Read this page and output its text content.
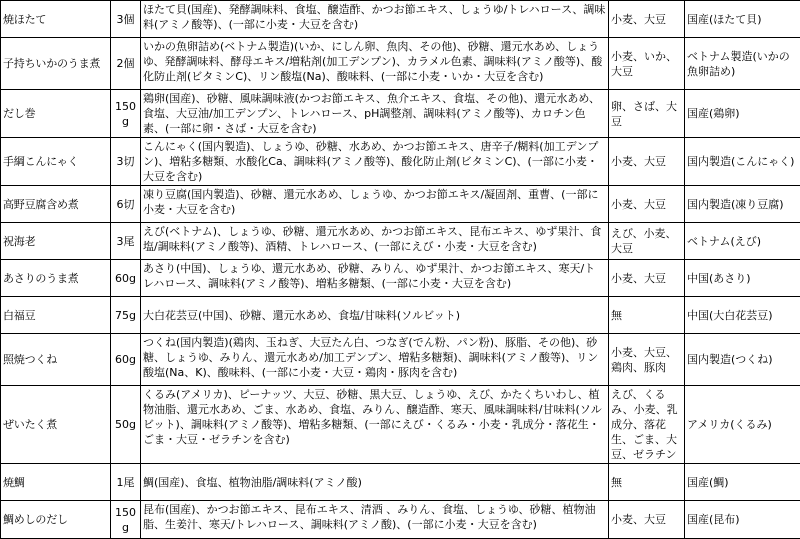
焼ほたて	3個	ほたて貝(国産)、発酵調味料、食塩、醸造酢、かつお節エキス、しょうゆ/トレハロース、調味料(アミノ酸等)、(一部に小麦・大豆を含む)	小麦、大豆	国産(ほたて貝)
子持ちいかのうま煮	2個	いかの魚卵詰め(ベトナム製造)(いか、にしん卵、魚肉、その他)、砂糖、還元水あめ、しょうゆ、発酵調味料、酵母エキス/増粘剤(加工デンプン)、カラメル色素、調味料(アミノ酸等)、酸化防止剤(ビタミンC)、リン酸塩(Na)、酸味料、(一部に小麦・いか・大豆を含む)	小麦、いか、大豆	ベトナム製造(いかの魚卵詰め)
だし巻	150g	鶏卵(国産)、砂糖、風味調味液(かつお節エキス、魚介エキス、食塩、その他)、還元水あめ、食塩、大豆油/加工デンプン、トレハロース、pH調整剤、調味料(アミノ酸等)、カロチン色素、(一部に卵・さば・大豆を含む)	卵、さば、大豆	国産(鶏卵)
手綱こんにゃく	3切	こんにゃく(国内製造)、しょうゆ、砂糖、水あめ、かつお節エキス、唐辛子/糊料(加工デンプン)、増粘多糖類、水酸化Ca、調味料(アミノ酸等)、酸化防止剤(ビタミンC)、(一部に小麦・大豆を含む)	小麦、大豆	国内製造(こんにゃく)
高野豆腐含め煮	6切	凍り豆腐(国内製造)、砂糖、還元水あめ、しょうゆ、かつお節エキス/凝固剤、重曹、(一部に小麦・大豆を含む)	小麦、大豆	国内製造(凍り豆腐)
祝海老	3尾	えび(ベトナム)、しょうゆ、砂糖、還元水あめ、かつお節エキス、昆布エキス、ゆず果汁、食塩/調味料(アミノ酸等)、酒精、トレハロース、(一部にえび・小麦・大豆を含む)	えび、小麦、大豆	ベトナム(えび)
あさりのうま煮	60g	あさり(中国)、しょうゆ、還元水あめ、砂糖、みりん、ゆず果汁、かつお節エキス、寒天/トレハロース、調味料(アミノ酸等)、増粘多糖類、(一部に小麦・大豆を含む)	小麦、大豆	中国(あさり)
白福豆	75g	大白花芸豆(中国)、砂糖、還元水あめ、食塩/甘味料(ソルビット)	無	中国(大白花芸豆)
照焼つくね	60g	つくね(国内製造)(鶏肉、玉ねぎ、大豆たん白、つなぎ(でん粉、パン粉)、豚脂、その他)、砂糖、しょうゆ、みりん、還元水あめ/加工デンプン、増粘多糖類)、調味料(アミノ酸等)、リン酸塩(Na、K)、酸味料、(一部に小麦・大豆・鶏肉・豚肉を含む)	小麦、大豆、鶏肉、豚肉	国内製造(つくね)
ぜいたく煮	50g	くるみ(アメリカ)、ピーナッツ、大豆、砂糖、黒大豆、しょうゆ、えび、かたくちいわし、植物油脂、還元水あめ、ごま、水あめ、食塩、みりん、醸造酢、寒天、風味調味料/甘味料(ソルビット)、調味料(アミノ酸等)、増粘多糖類、(一部にえび・くるみ・小麦・乳成分・落花生・ごま・大豆・ゼラチンを含む)	えび、くるみ、小麦、乳成分、落花生、ごま、大豆、ゼラチン	アメリカ(くるみ)
焼鯛	1尾	鯛(国産)、食塩、植物油脂/調味料(アミノ酸)	無	国産(鯛)
鯛めしのだし	150g	昆布(国産)、かつお節エキス、昆布エキス、清酒 、みりん、食塩、しょうゆ、砂糖、植物油脂、生姜汁、寒天/トレハロース、調味料(アミノ酸)、(一部に小麦・大豆を含む)	小麦、大豆	国産(昆布)
